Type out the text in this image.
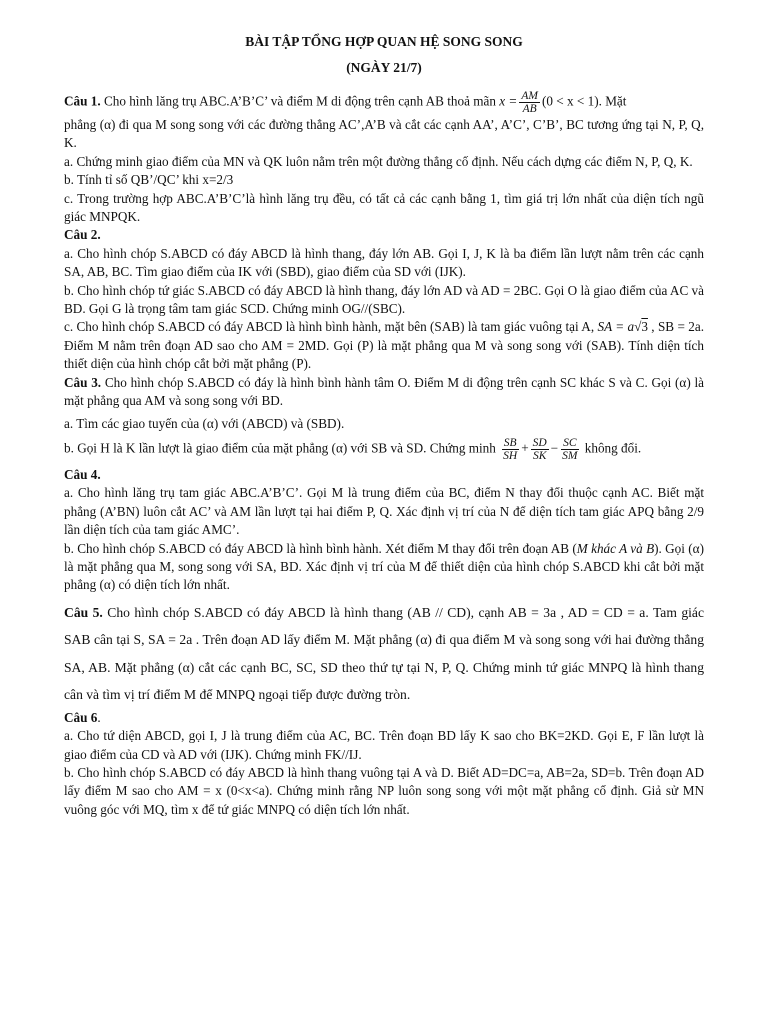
BÀI TẬP TỔNG HỢP QUAN HỆ SONG SONG

(NGÀY 21/7)

Câu 1. Cho hình lăng trụ ABC.A’B’C’ và điểm M di động trên cạnh AB thoả mãn $x = \frac{AM}{AB} (0 < x < 1)$. Mặt

phẳng (α) đi qua M song song với các đường thẳng AC’,A’B và cắt các cạnh AA’, A’C’, C’B’, BC tương ứng tại N, P, Q, K.

a. Chứng minh giao điểm của MN và QK luôn nằm trên một đường thẳng cố định. Nếu cách dựng các điểm N, P, Q, K.

b. Tính tỉ số QB’/QC’ khi x=2/3

c. Trong trường hợp ABC.A’B’C’là hình lăng trụ đều, có tất cả các cạnh bằng 1, tìm giá trị lớn nhất của diện tích ngũ giác MNPQK.

Câu 2.

a. Cho hình chóp S.ABCD có đáy ABCD là hình thang, đáy lớn AB. Gọi I, J, K là ba điểm lần lượt nằm trên các cạnh SA, AB, BC. Tìm giao điểm của IK với (SBD), giao điểm của SD với (IJK).

b. Cho hình chóp tứ giác S.ABCD có đáy ABCD là hình thang, đáy lớn AD và AD = 2BC. Gọi O là giao điểm của AC và BD. Gọi G là trọng tâm tam giác SCD. Chứng minh OG//(SBC).

c. Cho hình chóp S.ABCD có đáy ABCD là hình bình hành, mặt bên (SAB) là tam giác vuông tại A, SA = a√3 , SB = 2a. Điểm M nằm trên đoạn AD sao cho AM = 2MD. Gọi (P) là mặt phẳng qua M và song song với (SAB). Tính diện tích thiết diện của hình chóp cắt bởi mặt phẳng (P).

Câu 3. Cho hình chóp S.ABCD có đáy là hình bình hành tâm O. Điểm M di động trên cạnh SC khác S và C. Gọi (α) là mặt phẳng qua AM và song song với BD.

a. Tìm các giao tuyến của (α) với (ABCD) và (SBD).

b. Gọi H là K lần lượt là giao điểm của mặt phẳng (α) với SB và SD. Chứng minh $\frac{SB}{SH} + \frac{SD}{SK} - \frac{SC}{SM}$ không đổi.

Câu 4.

a. Cho hình lăng trụ tam giác ABC.A’B’C’. Gọi M là trung điểm của BC, điểm N thay đổi thuộc cạnh AC. Biết mặt phẳng (A’BN) luôn cắt AC’ và AM lần lượt tại hai điểm P, Q. Xác định vị trí của N để diện tích tam giác APQ bằng 2/9 lần diện tích của tam giác AMC’.

b. Cho hình chóp S.ABCD có đáy ABCD là hình bình hành. Xét điểm M thay đổi trên đoạn AB (M khác A và B). Gọi (α) là mặt phẳng qua M, song song với SA, BD. Xác định vị trí của M để thiết diện của hình chóp S.ABCD khi cắt bởi mặt phẳng (α) có diện tích lớn nhất.

Câu 5. Cho hình chóp S.ABCD có đáy ABCD là hình thang (AB // CD), cạnh AB = 3a , AD = CD = a. Tam giác SAB cân tại S, SA = 2a . Trên đoạn AD lấy điểm M. Mặt phẳng (α) đi qua điểm M và song song với hai đường thẳng SA, AB. Mặt phẳng (α) cắt các cạnh BC, SC, SD theo thứ tự tại N, P, Q. Chứng minh tứ giác MNPQ là hình thang cân và tìm vị trí điểm M để MNPQ ngoại tiếp được đường tròn.

Câu 6.

a. Cho tứ diện ABCD, gọi I, J là trung điểm của AC, BC. Trên đoạn BD lấy K sao cho BK=2KD. Gọi E, F lần lượt là giao điểm của CD và AD với (IJK). Chứng minh FK//IJ.

b. Cho hình chóp S.ABCD có đáy ABCD là hình thang vuông tại A và D. Biết AD=DC=a, AB=2a, SD=b. Trên đoạn AD lấy điểm M sao cho AM = x (0<x<a). Chứng minh rằng NP luôn song song với một mặt phẳng cố định. Giả sử MN vuông góc với MQ, tìm x để tứ giác MNPQ có diện tích lớn nhất.
